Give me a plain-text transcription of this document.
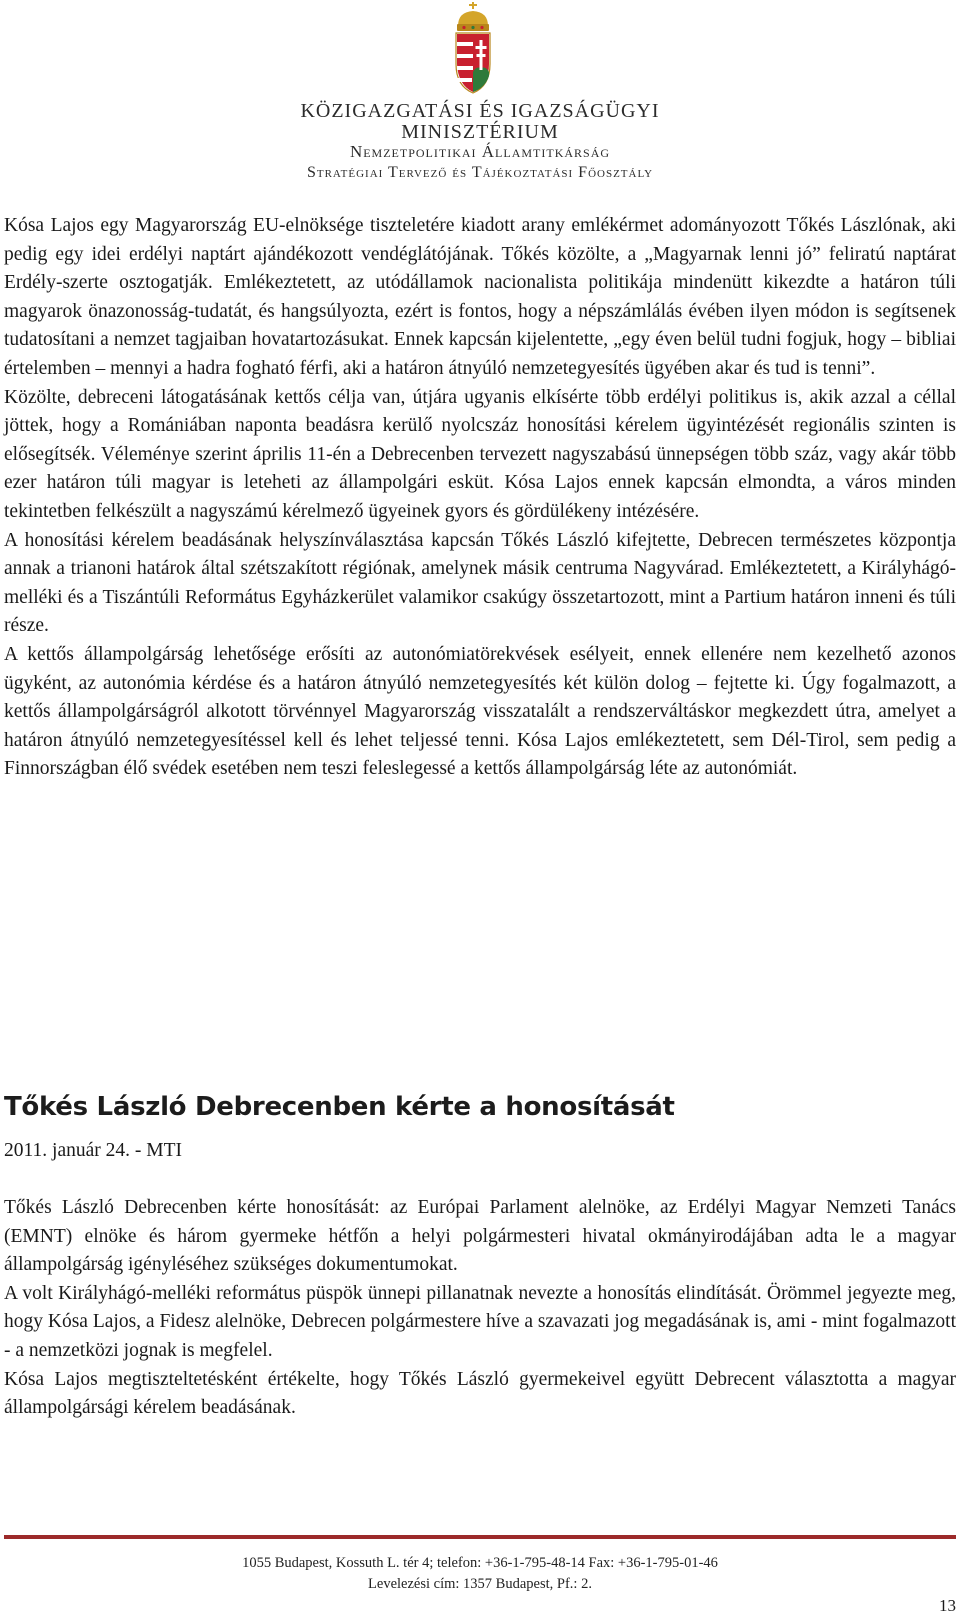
KÖZIGAZGATÁSI ÉS IGAZSÁGÜGYI
MINISZTÉRIUM
Nemzetpolitikai Államtitkárság
Stratégiai Tervező és Tájékoztatási Főosztály

Kósa Lajos egy Magyarország EU-elnöksége tiszteletére kiadott arany emlékérmet adományozott Tőkés Lászlónak, aki pedig egy idei erdélyi naptárt ajándékozott vendéglátójának. Tőkés közölte, a „Magyarnak lenni jó” feliratú naptárat Erdély-szerte osztogatják. Emlékeztetett, az utódállamok nacionalista politikája mindenütt kikezdte a határon túli magyarok önazonosság-tudatát, és hangsúlyozta, ezért is fontos, hogy a népszámlálás évében ilyen módon is segítsenek tudatosítani a nemzet tagjaiban hovatartozásukat. Ennek kapcsán kijelentette, „egy éven belül tudni fogjuk, hogy – bibliai értelemben – mennyi a hadra fogható férfi, aki a határon átnyúló nemzetegyesítés ügyében akar és tud is tenni”.

Közölte, debreceni látogatásának kettős célja van, útjára ugyanis elkísérte több erdélyi politikus is, akik azzal a céllal jöttek, hogy a Romániában naponta beadásra kerülő nyolcszáz honosítási kérelem ügyintézését regionális szinten is elősegítsék. Véleménye szerint április 11-én a Debrecenben tervezett nagyszabású ünnepségen több száz, vagy akár több ezer határon túli magyar is leteheti az állampolgári esküt. Kósa Lajos ennek kapcsán elmondta, a város minden tekintetben felkészült a nagyszámú kérelmező ügyeinek gyors és gördülékeny intézésére.

A honosítási kérelem beadásának helyszínválasztása kapcsán Tőkés László kifejtette, Debrecen természetes központja annak a trianoni határok által szétszakított régiónak, amelynek másik centruma Nagyvárad. Emlékeztetett, a Királyhágó-melléki és a Tiszántúli Református Egyházkerület valamikor csakúgy összetartozott, mint a Partium határon inneni és túli része.

A kettős állampolgárság lehetősége erősíti az autonómiatörekvések esélyeit, ennek ellenére nem kezelhető azonos ügyként, az autonómia kérdése és a határon átnyúló nemzetegyesítés két külön dolog – fejtette ki. Úgy fogalmazott, a kettős állampolgárságról alkotott törvénnyel Magyarország visszatalált a rendszerváltáskor megkezdett útra, amelyet a határon átnyúló nemzetegyesítéssel kell és lehet teljessé tenni. Kósa Lajos emlékeztetett, sem Dél-Tirol, sem pedig a Finnországban élő svédek esetében nem teszi feleslegessé a kettős állampolgárság léte az autonómiát.

Tőkés László Debrecenben kérte a honosítását
2011. január 24. - MTI

Tőkés László Debrecenben kérte honosítását: az Európai Parlament alelnöke, az Erdélyi Magyar Nemzeti Tanács (EMNT) elnöke és három gyermeke hétfőn a helyi polgármesteri hivatal okmányirodájában adta le a magyar állampolgárság igényléséhez szükséges dokumentumokat.

A volt Királyhágó-melléki református püspök ünnepi pillanatnak nevezte a honosítás elindítását. Örömmel jegyezte meg, hogy Kósa Lajos, a Fidesz alelnöke, Debrecen polgármestere híve a szavazati jog megadásának is, ami - mint fogalmazott - a nemzetközi jognak is megfelel.

Kósa Lajos megtiszteltetésként értékelte, hogy Tőkés László gyermekeivel együtt Debrecent választotta a magyar állampolgársági kérelem beadásának.

1055 Budapest, Kossuth L. tér 4; telefon: +36-1-795-48-14 Fax: +36-1-795-01-46
Levelezési cím: 1357 Budapest, Pf.: 2.
13
